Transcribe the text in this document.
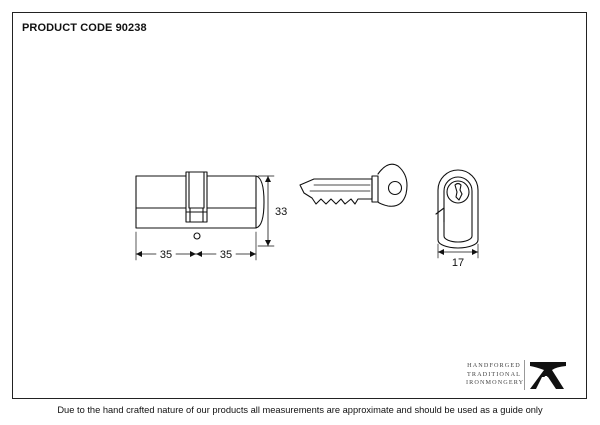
PRODUCT CODE 90238
35	35
33
17
HANDFORGED
TRADITIONAL
IRONMONGERY
Due to the hand crafted nature of our products all measurements are approximate and should be used as a guide only
